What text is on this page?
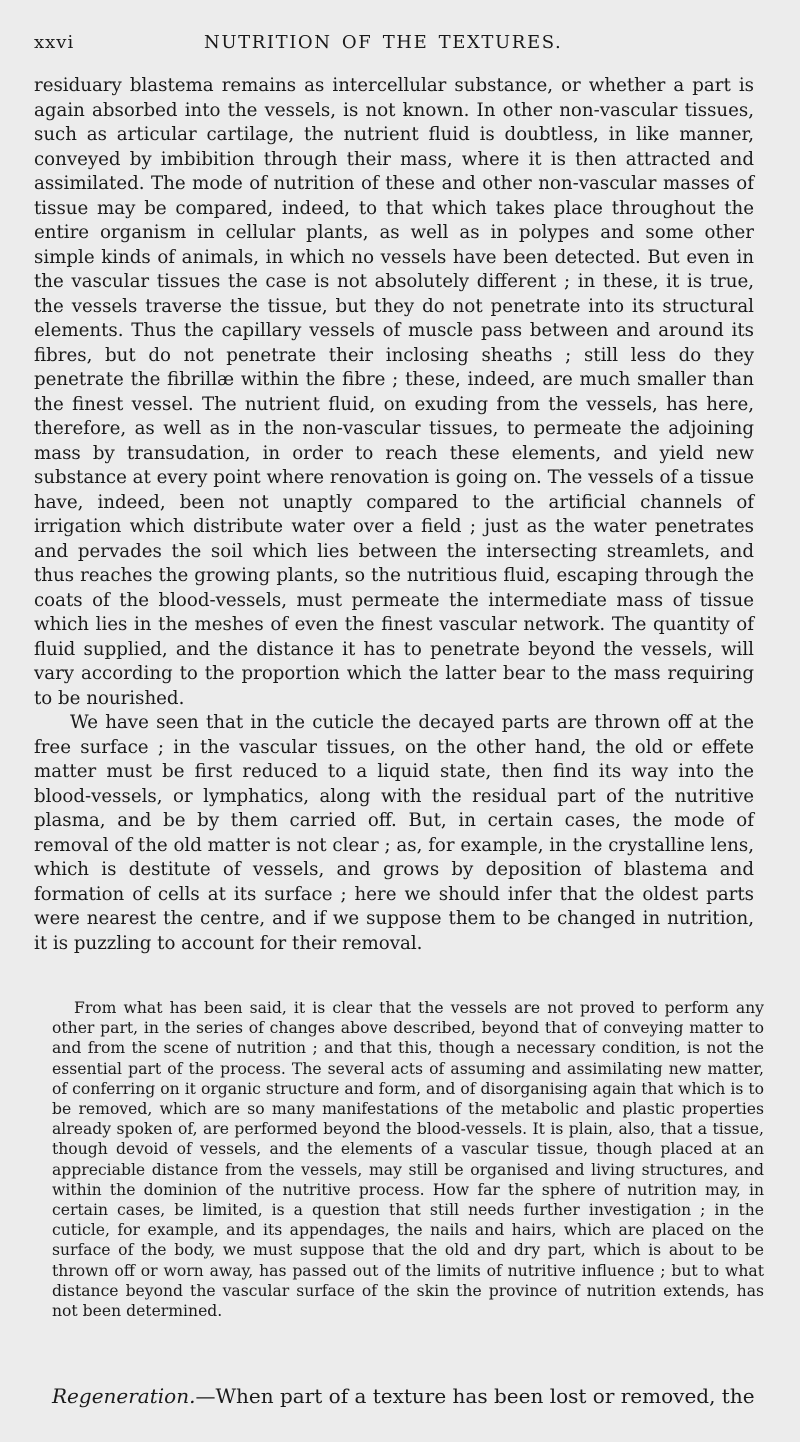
xxvi	NUTRITION OF THE TEXTURES.

residuary blastema remains as intercellular substance, or whether a part is again absorbed into the vessels, is not known. In other non-vascular tissues, such as articular cartilage, the nutrient fluid is doubtless, in like manner, conveyed by imbibition through their mass, where it is then attracted and assimilated. The mode of nutrition of these and other non-vascular masses of tissue may be compared, indeed, to that which takes place throughout the entire organism in cellular plants, as well as in polypes and some other simple kinds of animals, in which no vessels have been detected. But even in the vascular tissues the case is not absolutely different ; in these, it is true, the vessels traverse the tissue, but they do not penetrate into its structural elements. Thus the capillary vessels of muscle pass between and around its fibres, but do not penetrate their inclosing sheaths ; still less do they penetrate the fibrillæ within the fibre ; these, indeed, are much smaller than the finest vessel. The nutrient fluid, on exuding from the vessels, has here, therefore, as well as in the non-vascular tissues, to permeate the adjoining mass by transudation, in order to reach these elements, and yield new substance at every point where renovation is going on. The vessels of a tissue have, indeed, been not unaptly compared to the artificial channels of irrigation which distribute water over a field ; just as the water penetrates and pervades the soil which lies between the intersecting streamlets, and thus reaches the growing plants, so the nutritious fluid, escaping through the coats of the blood-vessels, must permeate the intermediate mass of tissue which lies in the meshes of even the finest vascular network. The quantity of fluid supplied, and the distance it has to penetrate beyond the vessels, will vary according to the proportion which the latter bear to the mass requiring to be nourished.

We have seen that in the cuticle the decayed parts are thrown off at the free surface ; in the vascular tissues, on the other hand, the old or effete matter must be first reduced to a liquid state, then find its way into the blood-vessels, or lymphatics, along with the residual part of the nutritive plasma, and be by them carried off. But, in certain cases, the mode of removal of the old matter is not clear ; as, for example, in the crystalline lens, which is destitute of vessels, and grows by deposition of blastema and formation of cells at its surface ; here we should infer that the oldest parts were nearest the centre, and if we suppose them to be changed in nutrition, it is puzzling to account for their removal.

From what has been said, it is clear that the vessels are not proved to perform any other part, in the series of changes above described, beyond that of conveying matter to and from the scene of nutrition ; and that this, though a necessary condition, is not the essential part of the process. The several acts of assuming and assimilating new matter, of conferring on it organic structure and form, and of disorganising again that which is to be removed, which are so many manifestations of the metabolic and plastic properties already spoken of, are performed beyond the blood-vessels. It is plain, also, that a tissue, though devoid of vessels, and the elements of a vascular tissue, though placed at an appreciable distance from the vessels, may still be organised and living structures, and within the dominion of the nutritive process. How far the sphere of nutrition may, in certain cases, be limited, is a question that still needs further investigation ; in the cuticle, for example, and its appendages, the nails and hairs, which are placed on the surface of the body, we must suppose that the old and dry part, which is about to be thrown off or worn away, has passed out of the limits of nutritive influence ; but to what distance beyond the vascular surface of the skin the province of nutrition extends, has not been determined.
Regeneration.—When part of a texture has been lost or removed, the
